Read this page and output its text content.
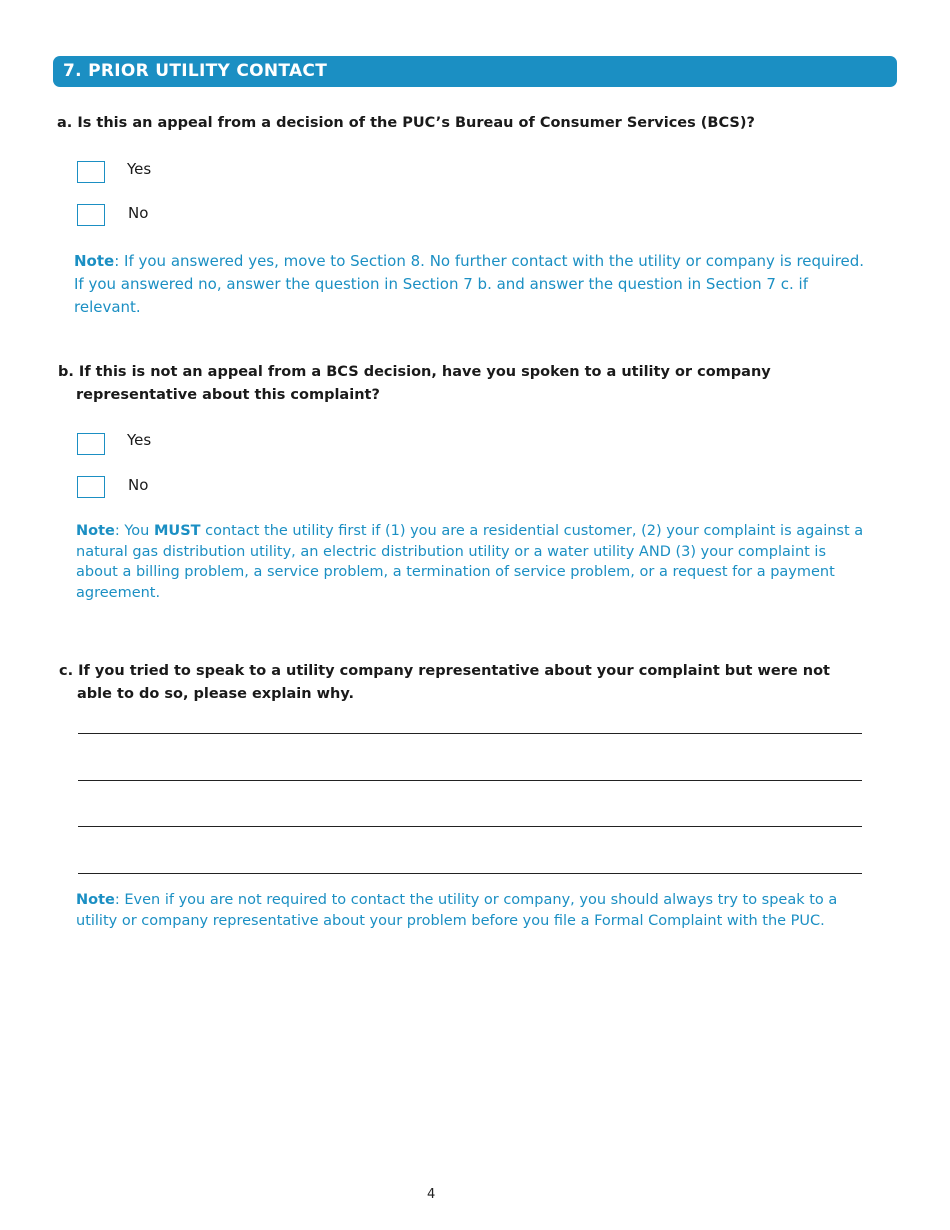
7. PRIOR UTILITY CONTACT

a. Is this an appeal from a decision of the PUC’s Bureau of Consumer Services (BCS)?

Yes
No

Note: If you answered yes, move to Section 8. No further contact with the utility or company is required. If you answered no, answer the question in Section 7 b. and answer the question in Section 7 c. if relevant.

b. If this is not an appeal from a BCS decision, have you spoken to a utility or company
representative about this complaint?

Yes
No

Note: You MUST contact the utility first if (1) you are a residential customer, (2) your complaint is against a natural gas distribution utility, an electric distribution utility or a water utility AND (3) your complaint is about a billing problem, a service problem, a termination of service problem, or a request for a payment agreement.

c. If you tried to speak to a utility company representative about your complaint but were not
able to do so, please explain why.

Note: Even if you are not required to contact the utility or company, you should always try to speak to a utility or company representative about your problem before you file a Formal Complaint with the PUC.

4
